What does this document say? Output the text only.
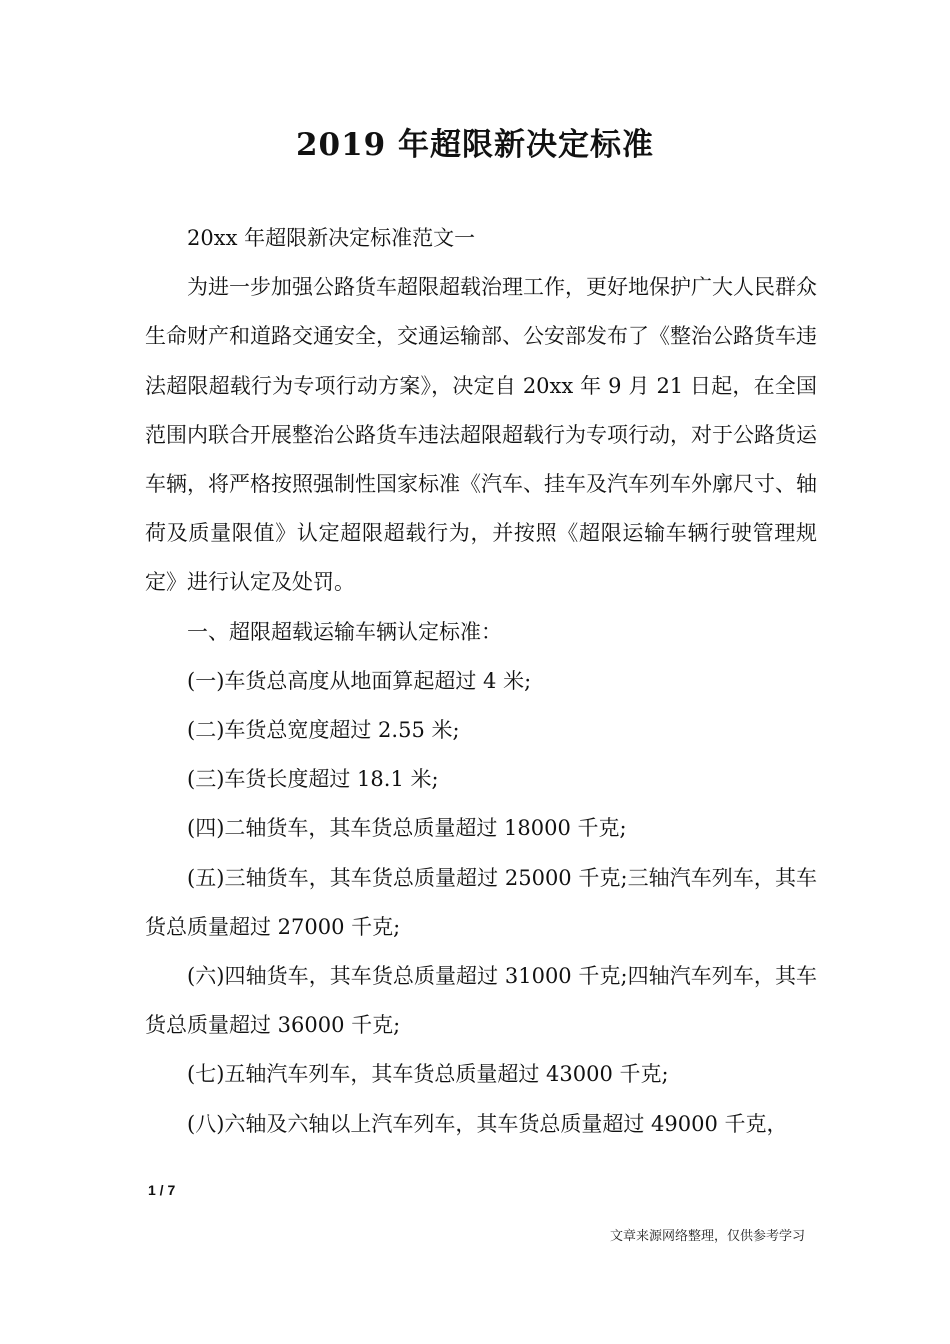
2019 年超限新决定标准

20xx 年超限新决定标准范文一

为进一步加强公路货车超限超载治理工作，更好地保护广大人民群众生命财产和道路交通安全，交通运输部、公安部发布了《整治公路货车违法超限超载行为专项行动方案》，决定自 20xx 年 9 月 21 日起，在全国范围内联合开展整治公路货车违法超限超载行为专项行动，对于公路货运车辆，将严格按照强制性国家标准《汽车、挂车及汽车列车外廓尺寸、轴荷及质量限值》认定超限超载行为，并按照《超限运输车辆行驶管理规定》进行认定及处罚。

一、超限超载运输车辆认定标准：

(一)车货总高度从地面算起超过 4 米;

(二)车货总宽度超过 2.55 米;

(三)车货长度超过 18.1 米;

(四)二轴货车，其车货总质量超过 18000 千克;

(五)三轴货车，其车货总质量超过 25000 千克;三轴汽车列车，其车货总质量超过 27000 千克;

(六)四轴货车，其车货总质量超过 31000 千克;四轴汽车列车，其车货总质量超过 36000 千克;

(七)五轴汽车列车，其车货总质量超过 43000 千克;

(八)六轴及六轴以上汽车列车，其车货总质量超过 49000 千克，

1 / 7
文章来源网络整理，仅供参考学习
